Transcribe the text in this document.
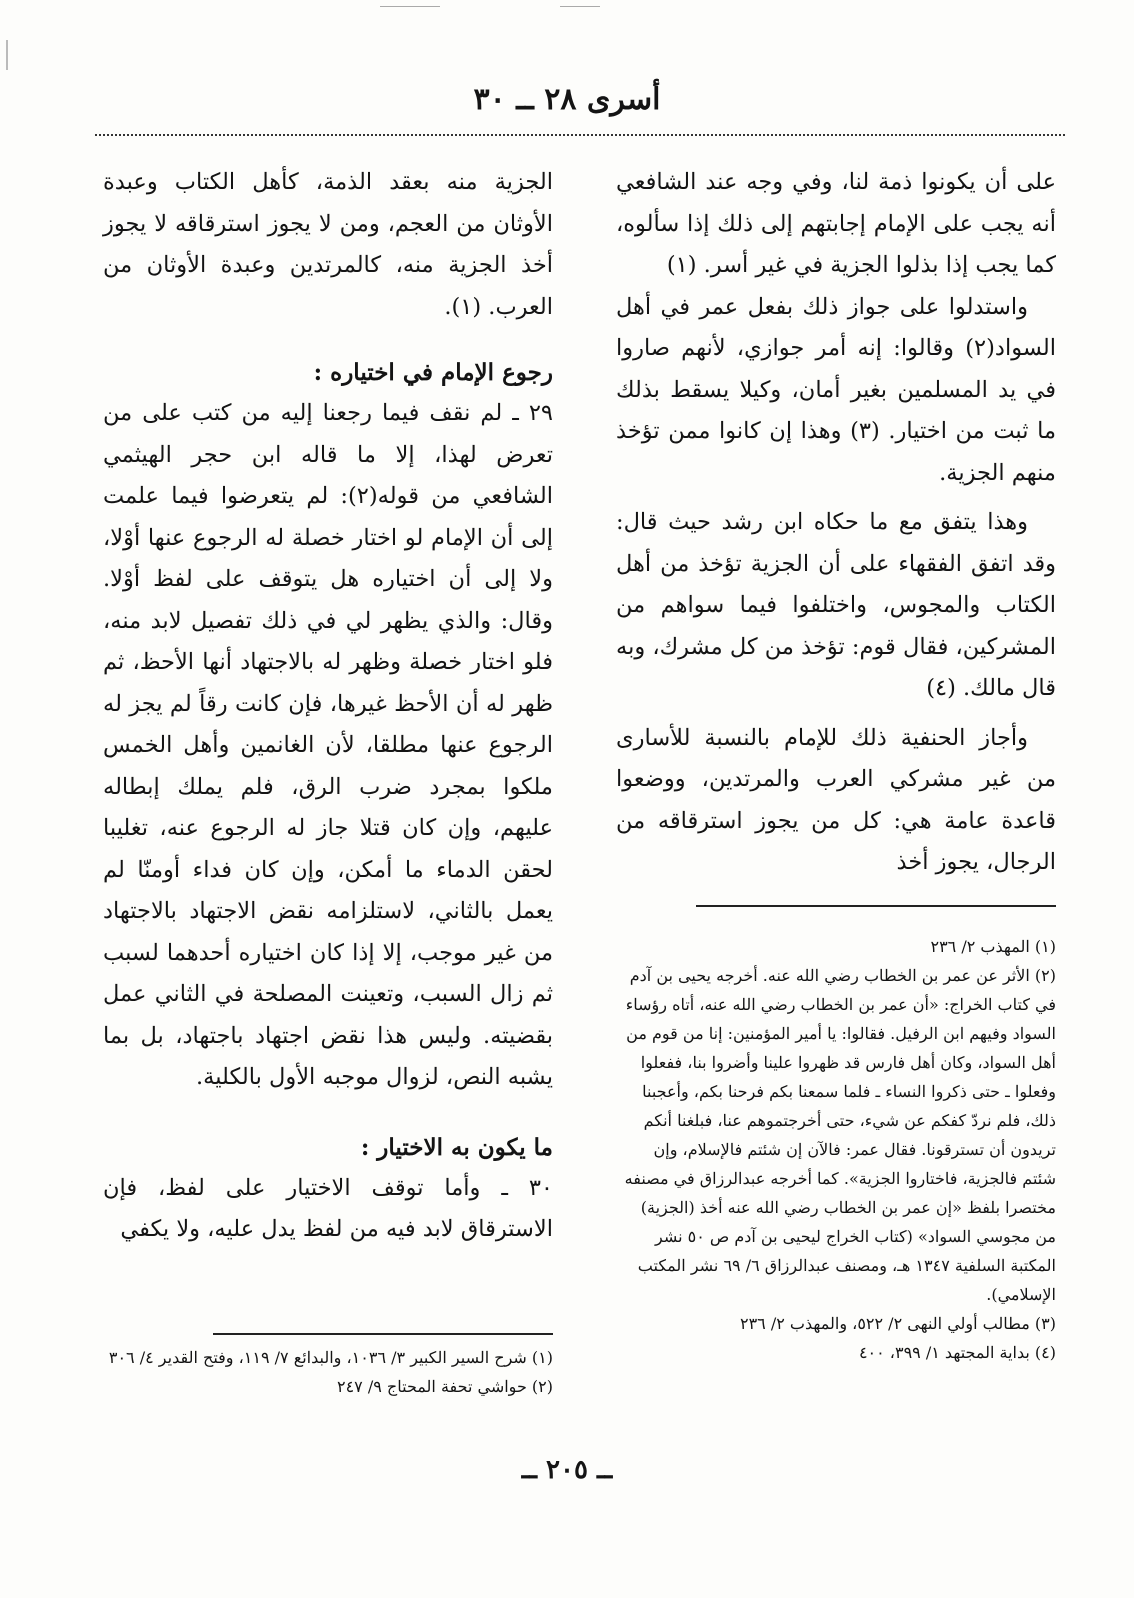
أسرى ٢٨ ــ ٣٠

على أن يكونوا ذمة لنا، وفي وجه عند الشافعي أنه يجب على الإمام إجابتهم إلى ذلك إذا سألوه، كما يجب إذا بذلوا الجزية في غير أسر. (١)

واستدلوا على جواز ذلك بفعل عمر في أهل السواد(٢) وقالوا: إنه أمر جوازي، لأنهم صاروا في يد المسلمين بغير أمان، وكيلا يسقط بذلك ما ثبت من اختيار. (٣) وهذا إن كانوا ممن تؤخذ منهم الجزية.

وهذا يتفق مع ما حكاه ابن رشد حيث قال: وقد اتفق الفقهاء على أن الجزية تؤخذ من أهل الكتاب والمجوس، واختلفوا فيما سواهم من المشركين، فقال قوم: تؤخذ من كل مشرك، وبه قال مالك. (٤)

وأجاز الحنفية ذلك للإمام بالنسبة للأسارى من غير مشركي العرب والمرتدين، ووضعوا قاعدة عامة هي: كل من يجوز استرقاقه من الرجال، يجوز أخذ

(١) المهذب ٢/ ٢٣٦

(٢) الأثر عن عمر بن الخطاب رضي الله عنه. أخرجه يحيى بن آدم في كتاب الخراج: «أن عمر بن الخطاب رضي الله عنه، أتاه رؤساء السواد وفيهم ابن الرفيل. فقالوا: يا أمير المؤمنين: إنا من قوم من أهل السواد، وكان أهل فارس قد ظهروا علينا وأضروا بنا، ففعلوا وفعلوا ـ حتى ذكروا النساء ـ فلما سمعنا بكم فرحنا بكم، وأعجبنا ذلك، فلم نردّ كفكم عن شيء، حتى أخرجتموهم عنا، فبلغنا أنكم تريدون أن تسترقونا. فقال عمر: فالآن إن شئتم فالإسلام، وإن شئتم فالجزية، فاختاروا الجزية». كما أخرجه عبدالرزاق في مصنفه مختصرا بلفظ «إن عمر بن الخطاب رضي الله عنه أخذ (الجزية) من مجوسي السواد» (كتاب الخراج ليحيى بن آدم ص ٥٠ نشر المكتبة السلفية ١٣٤٧ هـ، ومصنف عبدالرزاق ٦/ ٦٩ نشر المكتب الإسلامي).

(٣) مطالب أولي النهى ٢/ ٥٢٢، والمهذب ٢/ ٢٣٦

(٤) بداية المجتهد ١/ ٣٩٩، ٤٠٠

الجزية منه بعقد الذمة، كأهل الكتاب وعبدة الأوثان من العجم، ومن لا يجوز استرقاقه لا يجوز أخذ الجزية منه، كالمرتدين وعبدة الأوثان من العرب. (١).

رجوع الإمام في اختياره :

٢٩ ـ لم نقف فيما رجعنا إليه من كتب على من تعرض لهذا، إلا ما قاله ابن حجر الهيثمي الشافعي من قوله(٢): لم يتعرضوا فيما علمت إلى أن الإمام لو اختار خصلة له الرجوع عنها أوْلا، ولا إلى أن اختياره هل يتوقف على لفظ أوْلا. وقال: والذي يظهر لي في ذلك تفصيل لابد منه، فلو اختار خصلة وظهر له بالاجتهاد أنها الأحظ، ثم ظهر له أن الأحظ غيرها، فإن كانت رقاً لم يجز له الرجوع عنها مطلقا، لأن الغانمين وأهل الخمس ملكوا بمجرد ضرب الرق، فلم يملك إبطاله عليهم، وإن كان قتلا جاز له الرجوع عنه، تغليبا لحقن الدماء ما أمكن، وإن كان فداء أومنّا لم يعمل بالثاني، لاستلزامه نقض الاجتهاد بالاجتهاد من غير موجب، إلا إذا كان اختياره أحدهما لسبب ثم زال السبب، وتعينت المصلحة في الثاني عمل بقضيته. وليس هذا نقض اجتهاد باجتهاد، بل بما يشبه النص، لزوال موجبه الأول بالكلية.

ما يكون به الاختيار :

٣٠ ـ وأما توقف الاختيار على لفظ، فإن الاسترقاق لابد فيه من لفظ يدل عليه، ولا يكفي

(١) شرح السير الكبير ٣/ ١٠٣٦، والبدائع ٧/ ١١٩، وفتح القدير ٤/ ٣٠٦

(٢) حواشي تحفة المحتاج ٩/ ٢٤٧

ــ ٢٠٥ ــ
